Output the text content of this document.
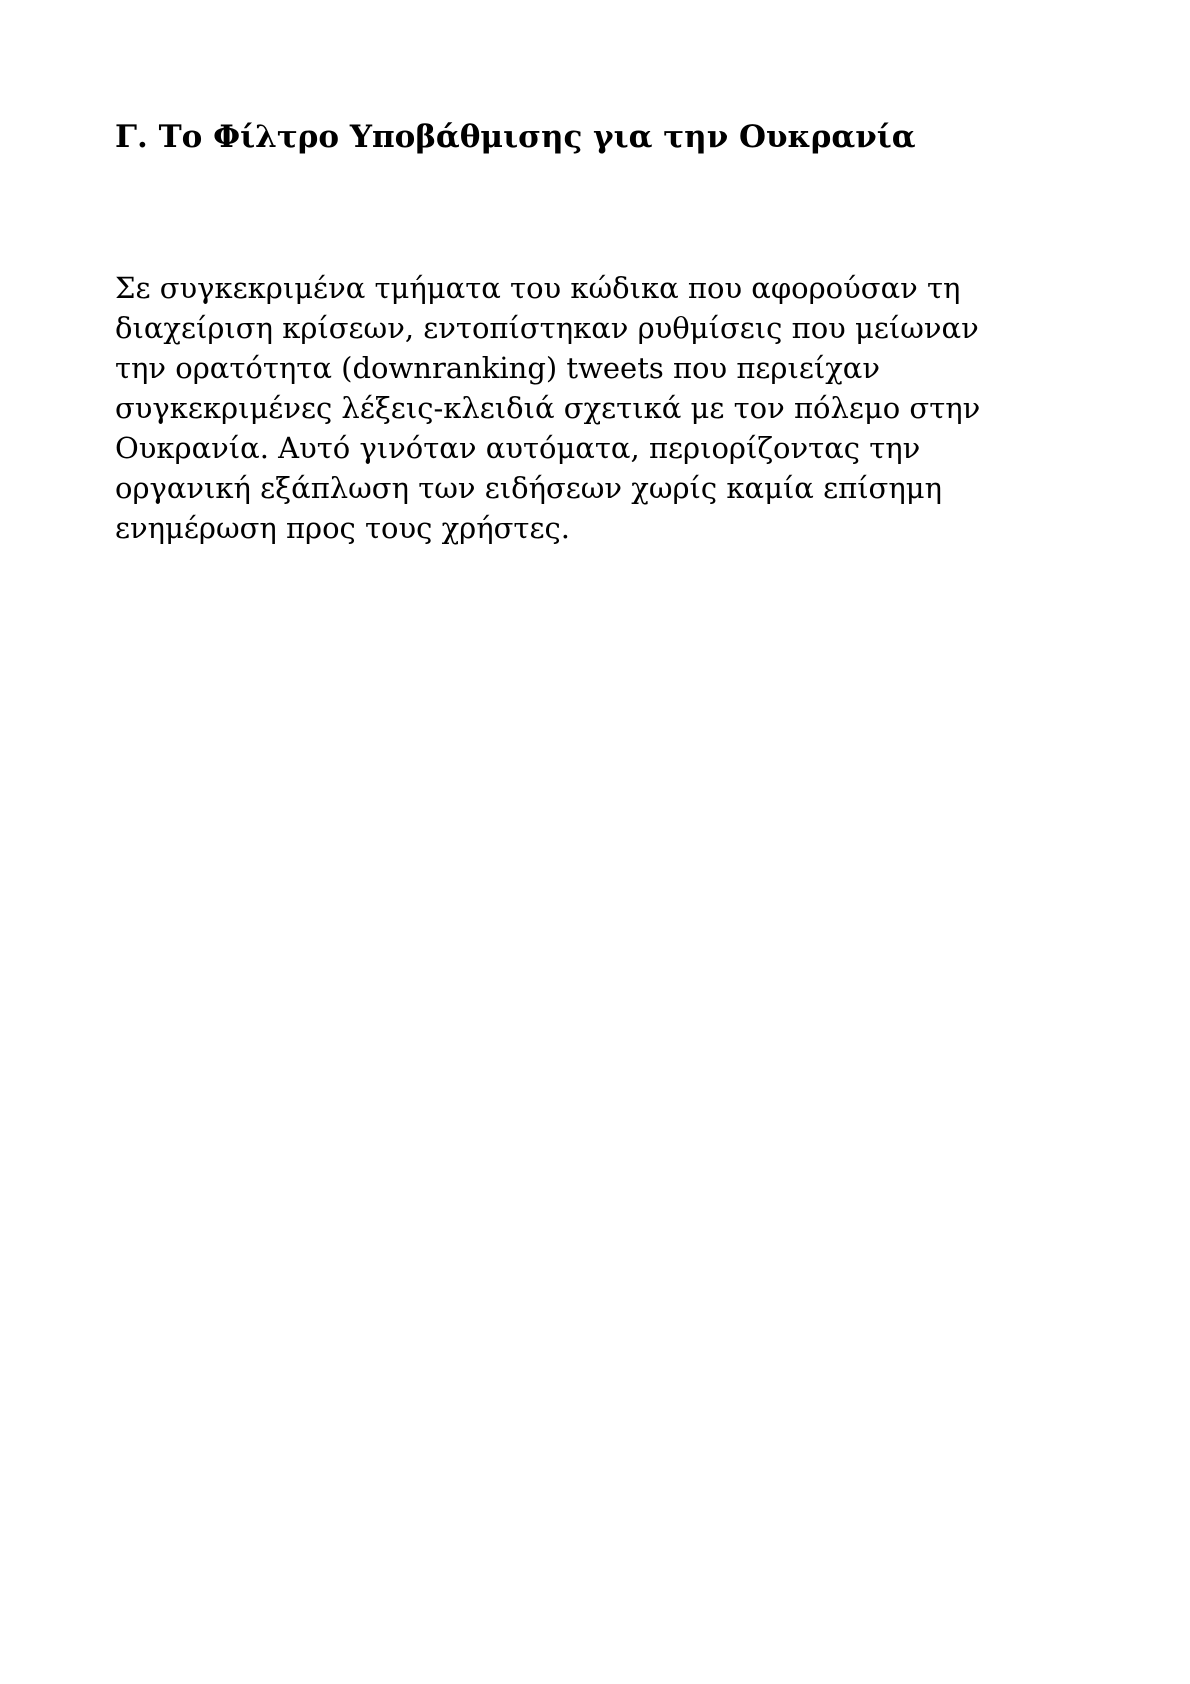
Γ. Το Φίλτρο Υποβάθμισης για την Ουκρανία

Σε συγκεκριμένα τμήματα του κώδικα που αφορούσαν τη
διαχείριση κρίσεων, εντοπίστηκαν ρυθμίσεις που μείωναν
την ορατότητα (downranking) tweets που περιείχαν
συγκεκριμένες λέξεις-κλειδιά σχετικά με τον πόλεμο στην
Ουκρανία. Αυτό γινόταν αυτόματα, περιορίζοντας την
οργανική εξάπλωση των ειδήσεων χωρίς καμία επίσημη
ενημέρωση προς τους χρήστες.
